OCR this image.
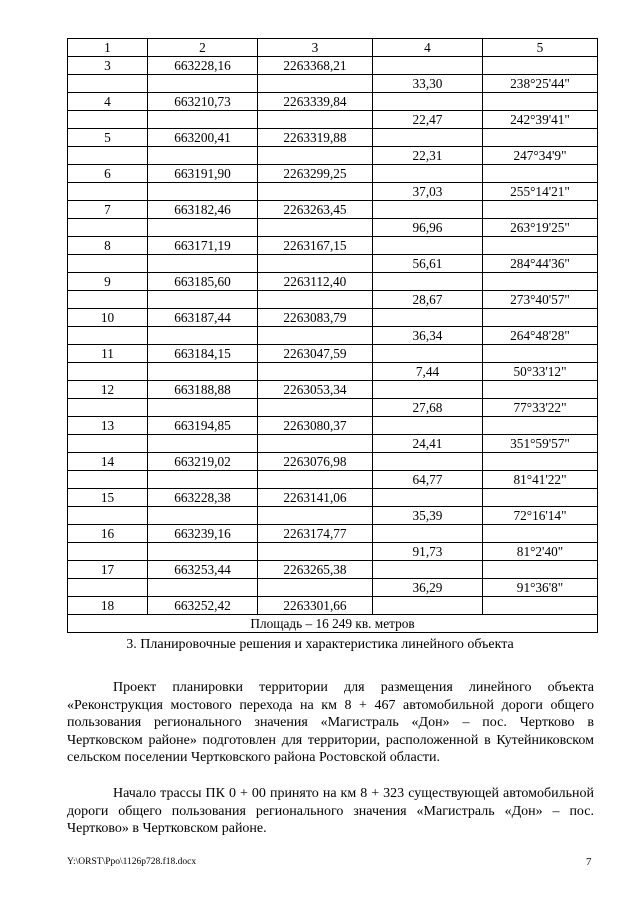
1	2	3	4	5
3	663228,16	2263368,21		
			33,30	238°25'44"
4	663210,73	2263339,84		
			22,47	242°39'41"
5	663200,41	2263319,88		
			22,31	247°34'9"
6	663191,90	2263299,25		
			37,03	255°14'21"
7	663182,46	2263263,45		
			96,96	263°19'25"
8	663171,19	2263167,15		
			56,61	284°44'36"
9	663185,60	2263112,40		
			28,67	273°40'57"
10	663187,44	2263083,79		
			36,34	264°48'28"
11	663184,15	2263047,59		
			7,44	50°33'12"
12	663188,88	2263053,34		
			27,68	77°33'22"
13	663194,85	2263080,37		
			24,41	351°59'57"
14	663219,02	2263076,98		
			64,77	81°41'22"
15	663228,38	2263141,06		
			35,39	72°16'14"
16	663239,16	2263174,77		
			91,73	81°2'40"
17	663253,44	2263265,38		
			36,29	91°36'8"
18	663252,42	2263301,66		
Площадь – 16 249 кв. метров				
3. Планировочные решения и характеристика линейного объекта

Проект планировки территории для размещения линейного объекта «Реконструкция мостового перехода на км 8 + 467 автомобильной дороги общего пользования регионального значения «Магистраль «Дон» – пос. Чертково в Чертковском районе» подготовлен для территории, расположенной в Кутейниковском сельском поселении Чертковского района Ростовской области.

Начало трассы ПК 0 + 00 принято на км 8 + 323 существующей автомобильной дороги общего пользования регионального значения «Магистраль «Дон» – пос. Чертково» в Чертковском районе.

Y:\ORST\Ppo\1126p728.f18.docx	7
